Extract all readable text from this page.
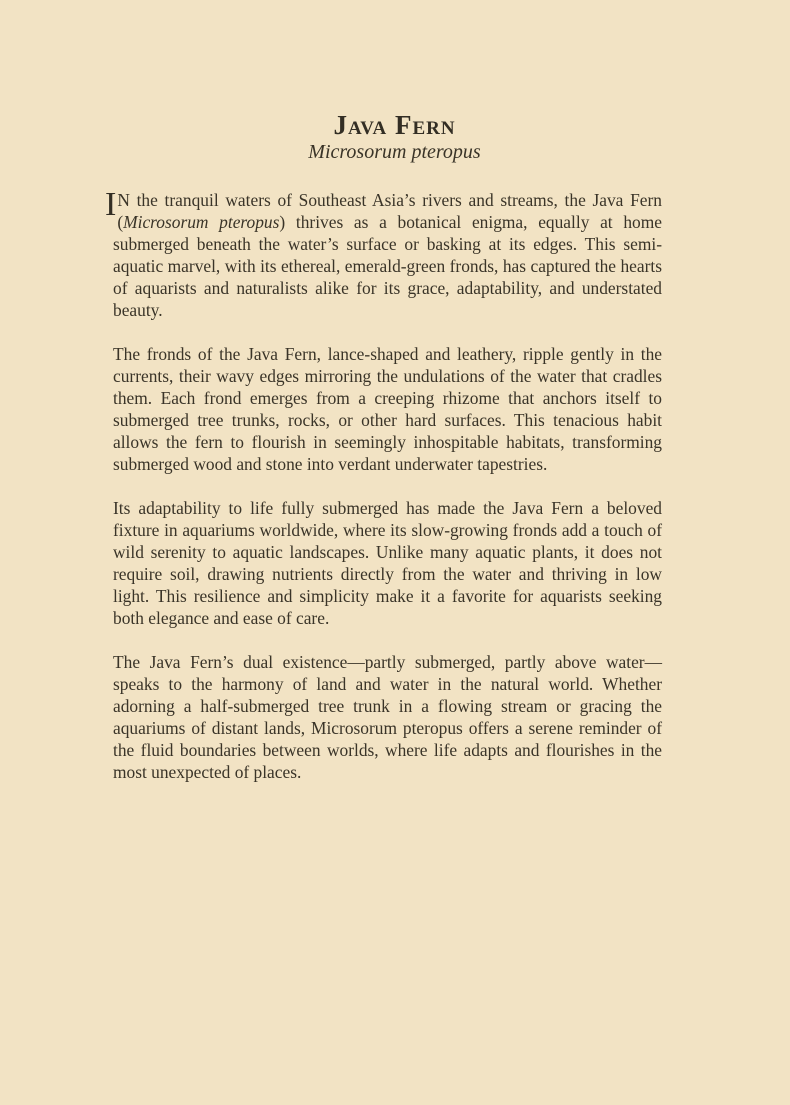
Java Fern
Microsorum pteropus

I N the tranquil waters of Southeast Asia’s rivers and streams, the Java Fern (Microsorum pteropus) thrives as a botanical enigma, equally at home submerged beneath the water’s surface or basking at its edges. This semi-aquatic marvel, with its ethereal, emerald-green fronds, has captured the hearts of aquarists and naturalists alike for its grace, adaptability, and understated beauty.

The fronds of the Java Fern, lance-shaped and leathery, ripple gently in the currents, their wavy edges mirroring the undulations of the water that cradles them. Each frond emerges from a creeping rhizome that anchors itself to submerged tree trunks, rocks, or other hard surfaces. This tenacious habit allows the fern to flourish in seemingly inhospitable habitats, transforming submerged wood and stone into verdant underwater tapestries.

Its adaptability to life fully submerged has made the Java Fern a beloved fixture in aquariums worldwide, where its slow-growing fronds add a touch of wild serenity to aquatic landscapes. Unlike many aquatic plants, it does not require soil, drawing nutrients directly from the water and thriving in low light. This resilience and simplicity make it a favorite for aquarists seeking both elegance and ease of care.

The Java Fern’s dual existence—partly submerged, partly above water—speaks to the harmony of land and water in the natural world. Whether adorning a half-submerged tree trunk in a flowing stream or gracing the aquariums of distant lands, Microsorum pteropus offers a serene reminder of the fluid boundaries between worlds, where life adapts and flourishes in the most unexpected of places.
